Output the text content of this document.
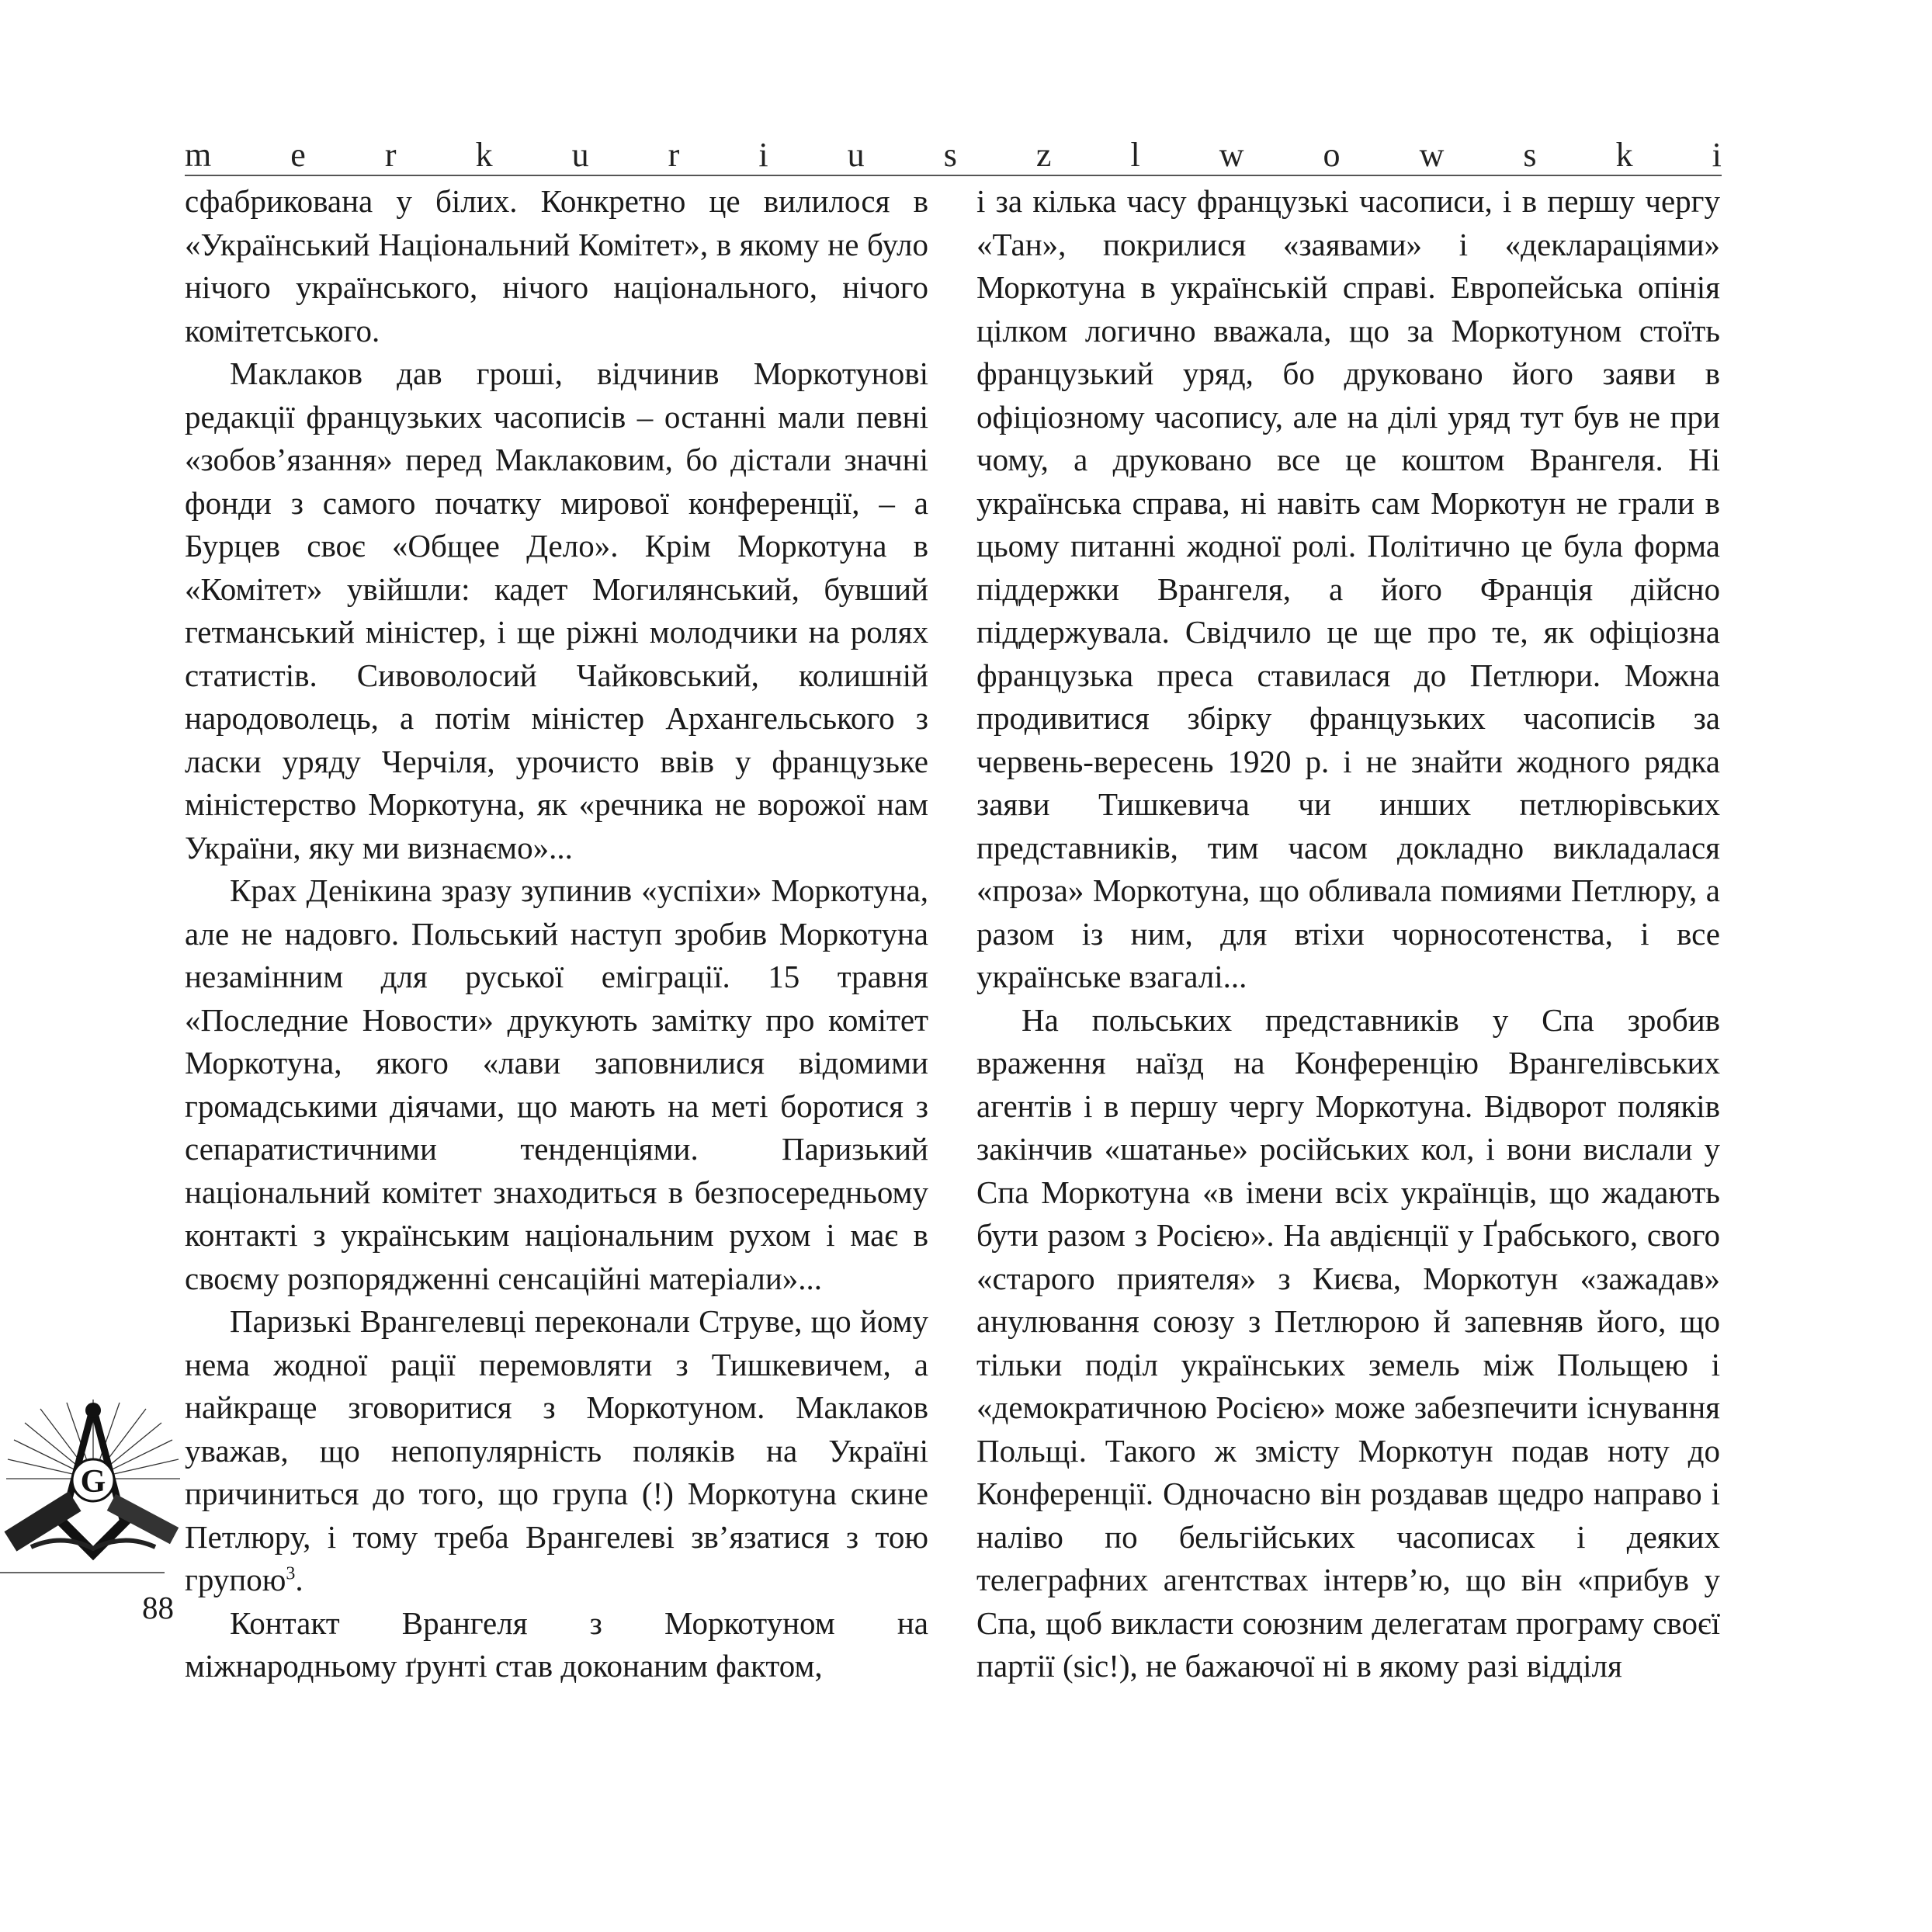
m e r k u r i u s z l w o w s k i

сфабрикована у білих. Конкретно це вилилося в «Український Національний Комітет», в якому не було нічого українського, нічого національного, нічого комітетського.

Маклаков дав гроші, відчинив Моркотунові редакції французьких часописів – останні мали певні «зобов’язання» перед Маклаковим, бо дістали значні фонди з самого початку мирової конференції, – а Бурцев своє «Общее Дело». Крім Моркотуна в «Комітет» увійшли: кадет Могилянський, бувший гетманський міністер, і ще ріжні молодчики на ролях статистів. Сивоволосий Чайковський, колишній народоволець, а потім міністер Архангельського з ласки уряду Черчіля, урочисто ввів у французьке міністерство Моркотуна, як «речника не ворожої нам України, яку ми визнаємо»...

Крах Денікина зразу зупинив «успіхи» Моркотуна, але не надовго. Польський наступ зробив Моркотуна незамінним для руської еміграції. 15 травня «Последние Новости» друкують замітку про комітет Моркотуна, якого «лави заповнилися відомими громадськими діячами, що мають на меті боротися з сепаратистичними тенденціями. Паризький національний комітет знаходиться в безпосередньому контакті з українським національним рухом і має в своєму розпорядженні сенсаційні матеріали»...

Паризькі Врангелевці переконали Струве, що йому нема жодної рації перемовляти з Тишкевичем, а найкраще зговоритися з Моркотуном. Маклаков уважав, що непопулярність поляків на Україні причиниться до того, що група (!) Моркотуна скине Петлюру, і тому треба Врангелеві зв’язатися з тою групою$^3$.

Контакт Врангеля з Моркотуном на міжнародньому ґрунті став доконаним фактом,

і за кілька часу французькі часописи, і в першу чергу «Тан», покрилися «заявами» і «деклараціями» Моркотуна в українській справі. Европейська опінія цілком логично вважала, що за Моркотуном стоїть французький уряд, бо друковано його заяви в офіціозному часопису, але на ділі уряд тут був не при чому, а друковано все це коштом Врангеля. Ні українська справа, ні навіть сам Моркотун не грали в цьому питанні жодної ролі. Політично це була форма піддержки Врангеля, а його Франція дійсно піддержувала. Свідчило це ще про те, як офіціозна французька преса ставилася до Петлюри. Можна продивитися збірку французьких часописів за червень-вересень 1920 р. і не знайти жодного рядка заяви Тишкевича чи инших петлюрівських представників, тим часом докладно викладалася «проза» Моркотуна, що обливала помиями Петлюру, а разом із ним, для втіхи чорносотенства, і все українське взагалі...

На польських представників у Спа зробив враження наїзд на Конференцію Врангелівських агентів і в першу чергу Моркотуна. Відворот поляків закінчив «шатанье» російських кол, і вони вислали у Спа Моркотуна «в імени всіх українців, що жадають бути разом з Росією». На авдієнції у Ґрабського, свого «старого приятеля» з Києва, Моркотун «зажадав» анулювання союзу з Петлюрою й запевняв його, що тільки поділ українських земель між Польщею і «демократичною Росією» може забезпечити існування Польщі. Такого ж змісту Моркотун подав ноту до Конференції. Одночасно він роздавав щедро направо і наліво по бельгійських часописах і деяких телеграфних агентствах інтерв’ю, що він «прибув у Спа, щоб викласти союзним делегатам програму своєї партії (sic!), не бажаючої ні в якому разі відділя

G
88
